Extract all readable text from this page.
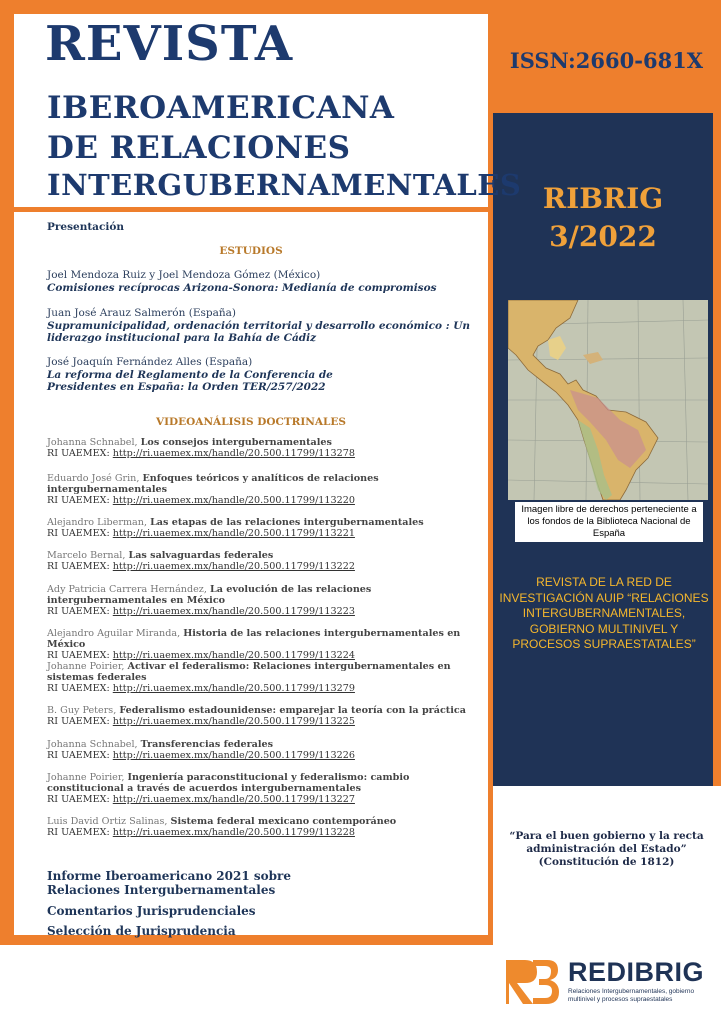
REVISTA
IBEROAMERICANA
DE RELACIONES
INTERGUBERNAMENTALES
ISSN:2660-681X
RIBRIG
3/2022
Imagen libre de derechos perteneciente a los fondos de la Biblioteca Nacional de España
REVISTA DE LA RED DE INVESTIGACIÓN AUIP “RELACIONES INTERGUBERNAMENTALES, GOBIERNO MULTINIVEL Y PROCESOS SUPRAESTATALES”
“Para el buen gobierno y la recta administración del Estado”
(Constitución de 1812)
Presentación
ESTUDIOS
Joel Mendoza Ruiz y Joel Mendoza Gómez (México)
Comisiones recíprocas Arizona-Sonora: Medianía de compromisos
Juan José Arauz Salmerón (España)
Supramunicipalidad, ordenación territorial y desarrollo económico : Un liderazgo institucional para la Bahía de Cádiz
José Joaquín Fernández Alles (España)
La reforma del Reglamento de la Conferencia de Presidentes en España: la Orden TER/257/2022
VIDEOANÁLISIS DOCTRINALES
Johanna Schnabel, Los consejos intergubernamentales
RI UAEMEX: http://ri.uaemex.mx/handle/20.500.11799/113278
Eduardo José Grin, Enfoques teóricos y analíticos de relaciones intergubernamentales
RI UAEMEX: http://ri.uaemex.mx/handle/20.500.11799/113220
Alejandro Liberman, Las etapas de las relaciones intergubernamentales
RI UAEMEX: http://ri.uaemex.mx/handle/20.500.11799/113221
Marcelo Bernal, Las salvaguardas federales
RI UAEMEX: http://ri.uaemex.mx/handle/20.500.11799/113222
Ady Patricia Carrera Hernández, La evolución de las relaciones intergubernamentales en México
RI UAEMEX: http://ri.uaemex.mx/handle/20.500.11799/113223
Alejandro Aguilar Miranda, Historia de las relaciones intergubernamentales en México
RI UAEMEX: http://ri.uaemex.mx/handle/20.500.11799/113224
Johanne Poirier, Activar el federalismo: Relaciones intergubernamentales en sistemas federales
RI UAEMEX: http://ri.uaemex.mx/handle/20.500.11799/113279
B. Guy Peters, Federalismo estadounidense: emparejar la teoría con la práctica
RI UAEMEX: http://ri.uaemex.mx/handle/20.500.11799/113225
Johanna Schnabel, Transferencias federales
RI UAEMEX: http://ri.uaemex.mx/handle/20.500.11799/113226
Johanne Poirier, Ingeniería paraconstitucional y federalismo: cambio constitucional a través de acuerdos intergubernamentales
RI UAEMEX: http://ri.uaemex.mx/handle/20.500.11799/113227
Luis David Ortiz Salinas, Sistema federal mexicano contemporáneo
RI UAEMEX: http://ri.uaemex.mx/handle/20.500.11799/113228
Informe Iberoamericano 2021 sobre Relaciones Intergubernamentales
Comentarios Jurisprudenciales
Selección de Jurisprudencia
REDIBRIG
Relaciones Intergubernamentales, gobierno multinivel y procesos supraestatales
